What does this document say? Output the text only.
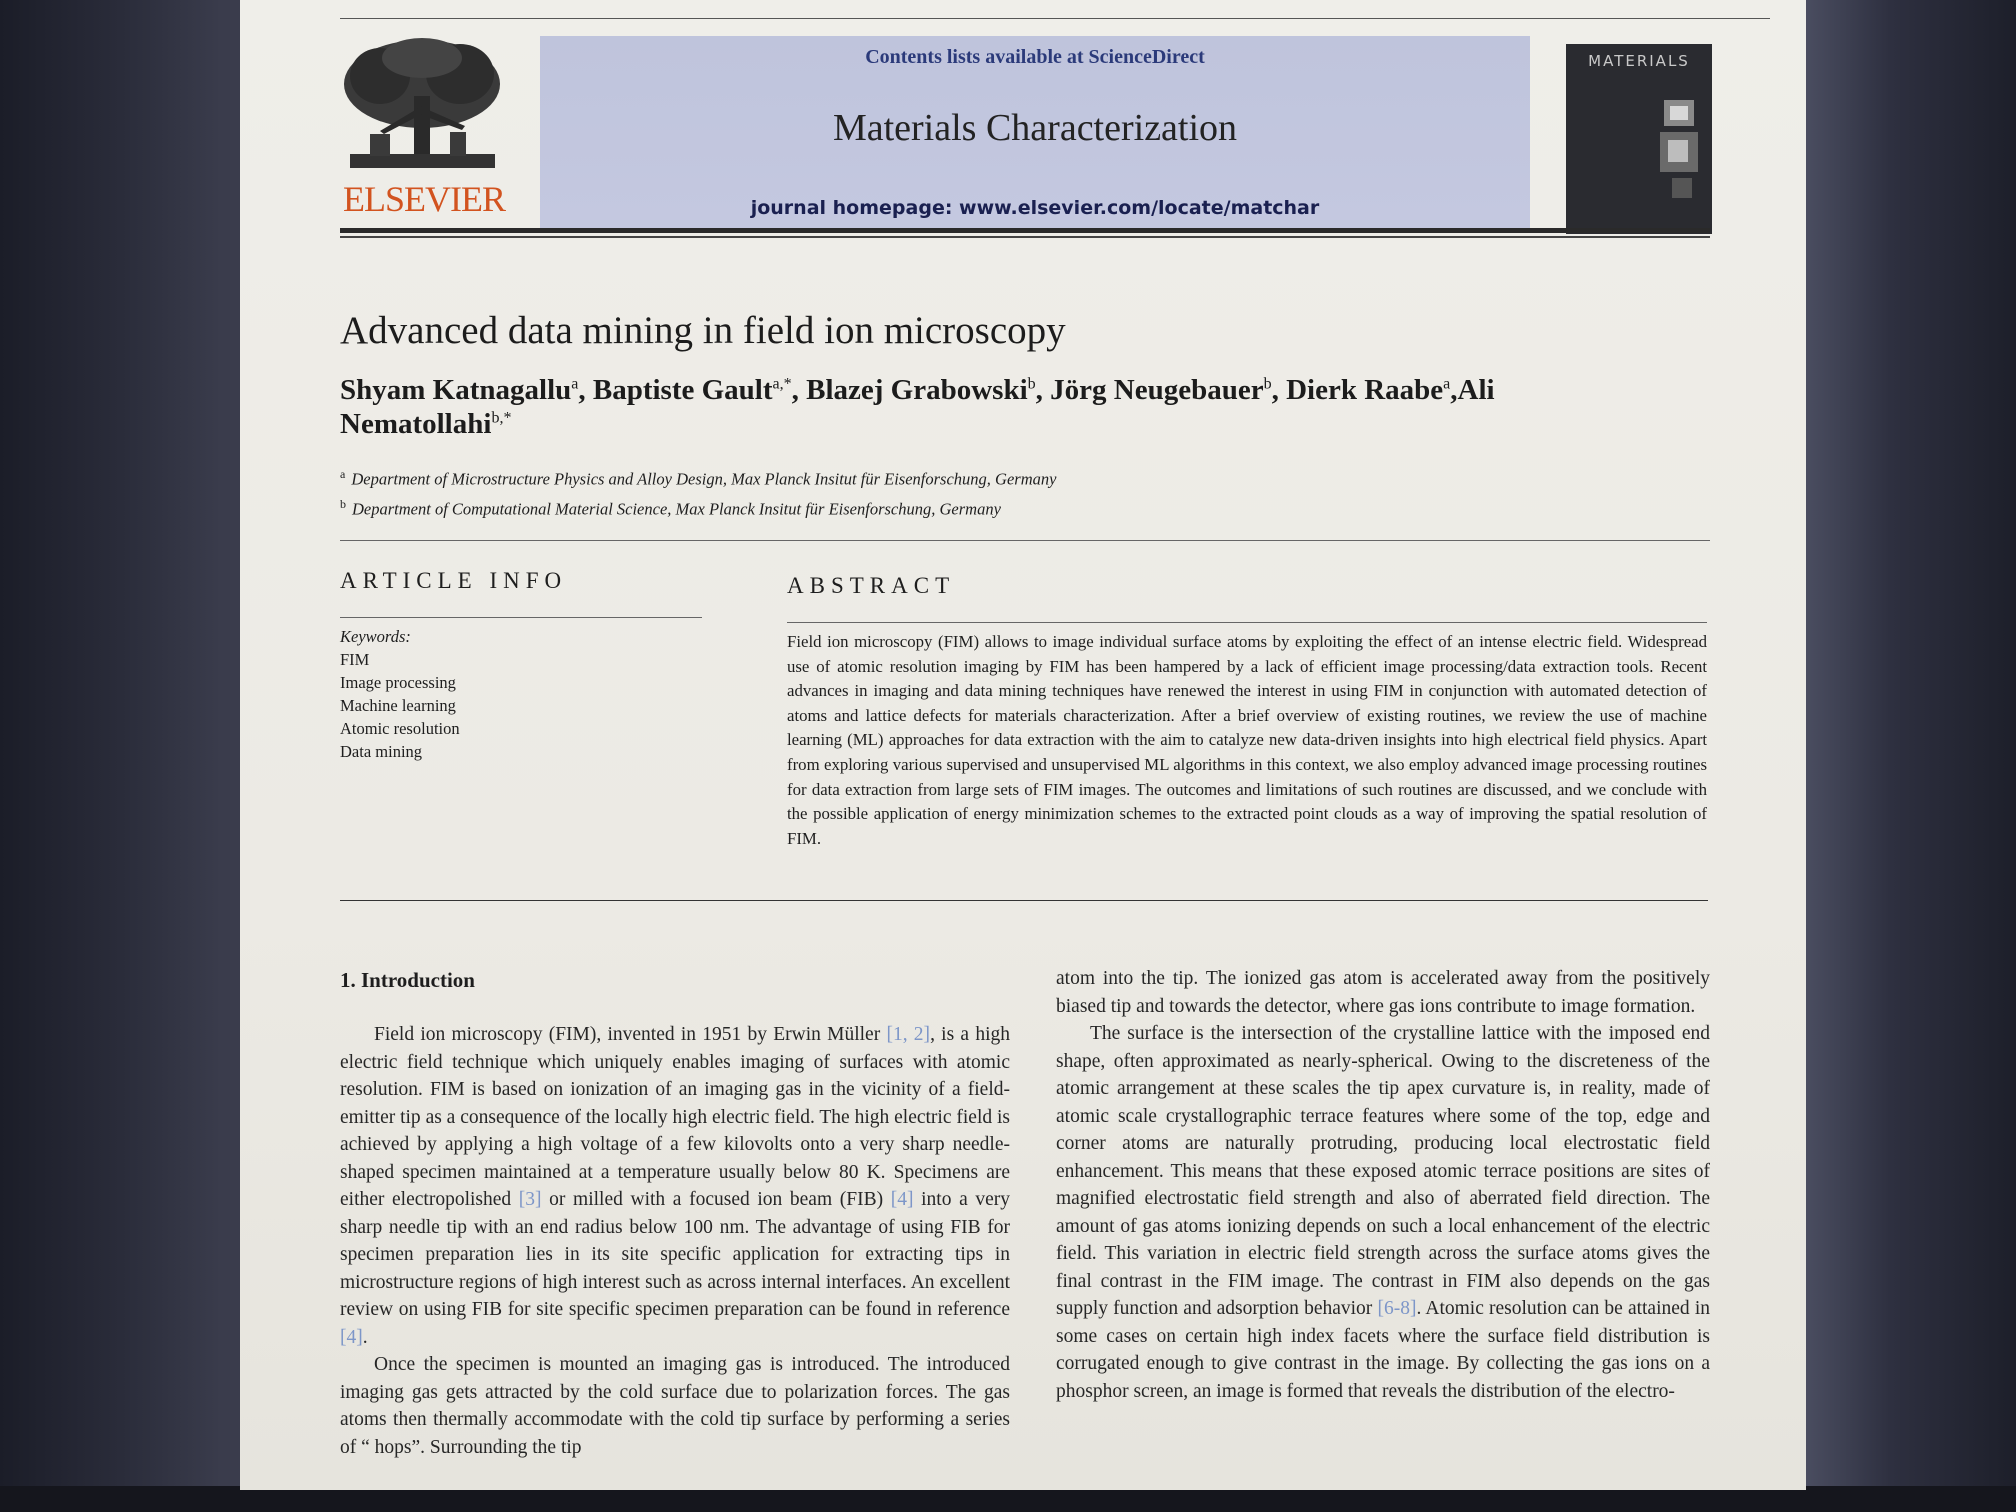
ELSEVIER
Contents lists available at ScienceDirect
Materials Characterization
journal homepage: www.elsevier.com/locate/matchar
MATERIALS
Advanced data mining in field ion microscopy
Shyam Katnagallu$^a$, Baptiste Gault$^{a,*}$, Blazej Grabowski$^b$, Jörg Neugebauer$^b$, Dierk Raabe$^a$,Ali Nematollahi$^{b,*}$
$^a$ Department of Microstructure Physics and Alloy Design, Max Planck Insitut für Eisenforschung, Germany
$^b$ Department of Computational Material Science, Max Planck Insitut für Eisenforschung, Germany
ARTICLE INFO
Keywords:
FIM
Image processing
Machine learning
Atomic resolution
Data mining
ABSTRACT
Field ion microscopy (FIM) allows to image individual surface atoms by exploiting the effect of an intense electric field. Widespread use of atomic resolution imaging by FIM has been hampered by a lack of efficient image processing/data extraction tools. Recent advances in imaging and data mining techniques have renewed the interest in using FIM in conjunction with automated detection of atoms and lattice defects for materials characterization. After a brief overview of existing routines, we review the use of machine learning (ML) approaches for data extraction with the aim to catalyze new data-driven insights into high electrical field physics. Apart from exploring various supervised and unsupervised ML algorithms in this context, we also employ advanced image processing routines for data extraction from large sets of FIM images. The outcomes and limitations of such routines are discussed, and we conclude with the possible application of energy minimization schemes to the extracted point clouds as a way of improving the spatial resolution of FIM.
1. Introduction

Field ion microscopy (FIM), invented in 1951 by Erwin Müller [1, 2], is a high electric field technique which uniquely enables imaging of surfaces with atomic resolution. FIM is based on ionization of an imaging gas in the vicinity of a field-emitter tip as a consequence of the locally high electric field. The high electric field is achieved by applying a high voltage of a few kilovolts onto a very sharp needle-shaped specimen maintained at a temperature usually below 80 K. Specimens are either electropolished [3] or milled with a focused ion beam (FIB) [4] into a very sharp needle tip with an end radius below 100 nm. The advantage of using FIB for specimen preparation lies in its site specific application for extracting tips in microstructure regions of high interest such as across internal interfaces. An excellent review on using FIB for site specific specimen preparation can be found in reference [4].

Once the specimen is mounted an imaging gas is introduced. The introduced imaging gas gets attracted by the cold surface due to polarization forces. The gas atoms then thermally accommodate with the cold tip surface by performing a series of “ hops”. Surrounding the tip

atom into the tip. The ionized gas atom is accelerated away from the positively biased tip and towards the detector, where gas ions contribute to image formation.

The surface is the intersection of the crystalline lattice with the imposed end shape, often approximated as nearly-spherical. Owing to the discreteness of the atomic arrangement at these scales the tip apex curvature is, in reality, made of atomic scale crystallographic terrace features where some of the top, edge and corner atoms are naturally protruding, producing local electrostatic field enhancement. This means that these exposed atomic terrace positions are sites of magnified electrostatic field strength and also of aberrated field direction. The amount of gas atoms ionizing depends on such a local enhancement of the electric field. This variation in electric field strength across the surface atoms gives the final contrast in the FIM image. The contrast in FIM also depends on the gas supply function and adsorption behavior [6-8]. Atomic resolution can be attained in some cases on certain high index facets where the surface field distribution is corrugated enough to give contrast in the image. By collecting the gas ions on a phosphor screen, an image is formed that reveals the distribution of the electro-
